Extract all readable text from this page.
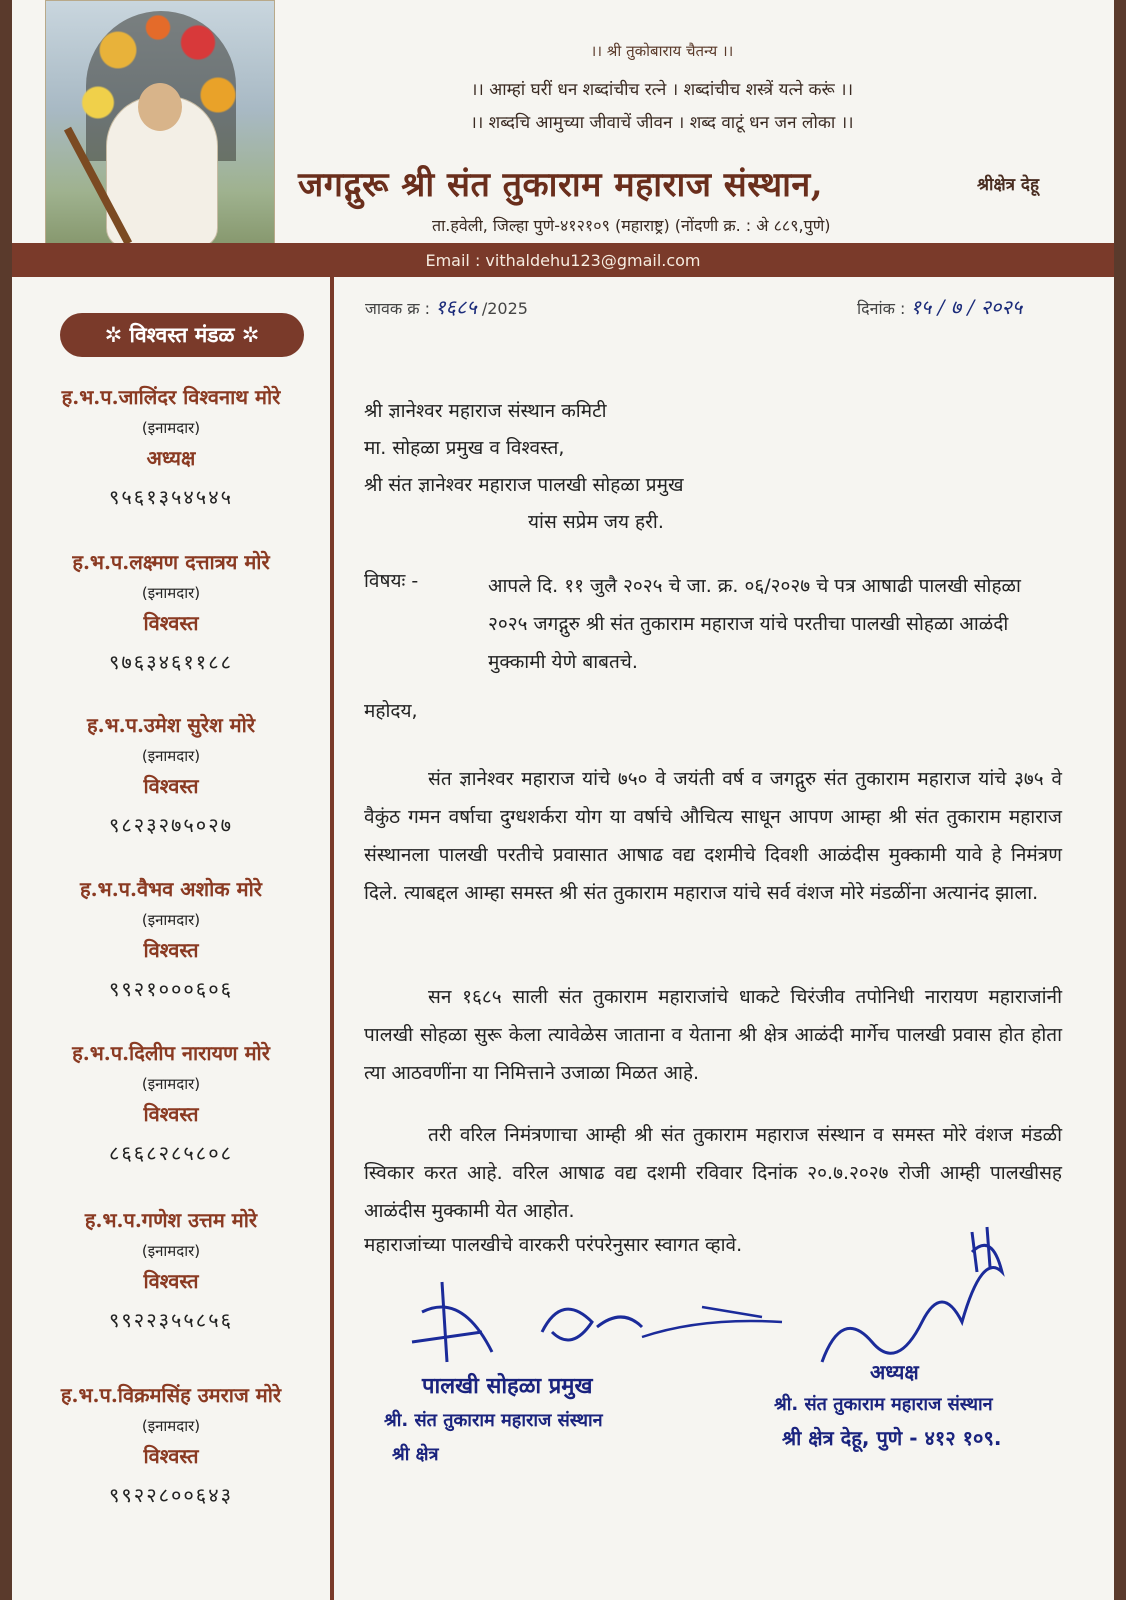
।। श्री तुकोबाराय चैतन्य ।।
।। आम्हां घरीं धन शब्दांचीच रत्ने । शब्दांचीच शस्त्रें यत्ने करूं ।।
।। शब्दचि आमुच्या जीवाचें जीवन । शब्द वाटूं धन जन लोका ।।
जगद्गुरू श्री संत तुकाराम महाराज संस्थान,	श्रीक्षेत्र देहू
ता.हवेली, जिल्हा पुणे-४१२१०९ (महाराष्ट्र) (नोंदणी क्र. : अे ८८९,पुणे)
Email : vithaldehu123@gmail.com
✲ विश्वस्त मंडळ ✲
ह.भ.प.जालिंदर विश्वनाथ मोरे
(इनामदार)
अध्यक्ष
९५६१३५४५४५
ह.भ.प.लक्ष्मण दत्तात्रय मोरे
(इनामदार)
विश्वस्त
९७६३४६११८८
ह.भ.प.उमेश सुरेश मोरे
(इनामदार)
विश्वस्त
९८२३२७५०२७
ह.भ.प.वैभव अशोक मोरे
(इनामदार)
विश्वस्त
९९२१०००६०६
ह.भ.प.दिलीप नारायण मोरे
(इनामदार)
विश्वस्त
८६६८२८५८०८
ह.भ.प.गणेश उत्तम मोरे
(इनामदार)
विश्वस्त
९९२२३५५८५६
ह.भ.प.विक्रमसिंह उमराज मोरे
(इनामदार)
विश्वस्त
९९२२८००६४३
जावक क्र : १६८५ /2025	दिनांक : १५ / ७ / २०२५
श्री ज्ञानेश्वर महाराज संस्थान कमिटी
मा. सोहळा प्रमुख व विश्वस्त,
श्री संत ज्ञानेश्वर महाराज पालखी सोहळा प्रमुख
यांस सप्रेम जय हरी.
विषयः -	आपले दि. ११ जुलै २०२५ चे जा. क्र. ०६/२०२७ चे पत्र आषाढी पालखी सोहळा २०२५ जगद्गुरु श्री संत तुकाराम महाराज यांचे परतीचा पालखी सोहळा आळंदी मुक्कामी येणे बाबतचे.
महोदय,
संत ज्ञानेश्वर महाराज यांचे ७५० वे जयंती वर्ष व जगद्गुरु संत तुकाराम महाराज यांचे ३७५ वे वैकुंठ गमन वर्षाचा दुग्धशर्करा योग या वर्षाचे औचित्य साधून आपण आम्हा श्री संत तुकाराम महाराज संस्थानला पालखी परतीचे प्रवासात आषाढ वद्य दशमीचे दिवशी आळंदीस मुक्कामी यावे हे निमंत्रण दिले. त्याबद्दल आम्हा समस्त श्री संत तुकाराम महाराज यांचे सर्व वंशज मोरे मंडळींना अत्यानंद झाला.
सन १६८५ साली संत तुकाराम महाराजांचे धाकटे चिरंजीव तपोनिधी नारायण महाराजांनी पालखी सोहळा सुरू केला त्यावेळेस जाताना व येताना श्री क्षेत्र आळंदी मार्गेच पालखी प्रवास होत होता त्या आठवणींना या निमित्ताने उजाळा मिळत आहे.
तरी वरिल निमंत्रणाचा आम्ही श्री संत तुकाराम महाराज संस्थान व समस्त मोरे वंशज मंडळी स्विकार करत आहे. वरिल आषाढ वद्य दशमी रविवार दिनांक २०.७.२०२७ रोजी आम्ही पालखीसह आळंदीस मुक्कामी येत आहोत.
महाराजांच्या पालखीचे वारकरी परंपरेनुसार स्वागत व्हावे.
पालखी सोहळा प्रमुख
श्री. संत तुकाराम महाराज संस्थान
श्री क्षेत्र
अध्यक्ष
श्री. संत तुकाराम महाराज संस्थान
श्री क्षेत्र देहू, पुणे - ४१२ १०९.
